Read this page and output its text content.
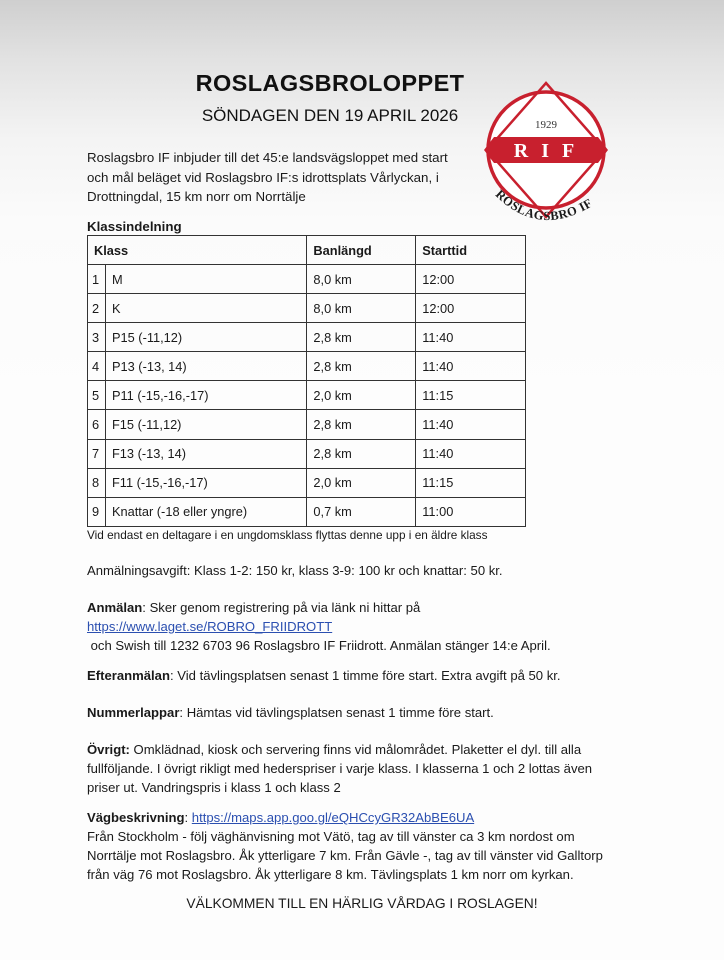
ROSLAGSBROLOPPET
SÖNDAGEN DEN 19 APRIL 2026
Roslagsbro IF inbjuder till det 45:e landsvägsloppet med start
och mål beläget vid Roslagsbro IF:s idrottsplats Vårlyckan, i
Drottningdal, 15 km norr om Norrtälje
1929
R I F
ROSLAGSBRO IF
Klassindelning
Klass		Banlängd	Starttid
1	M	8,0 km	12:00
2	K	8,0 km	12:00
3	P15 (-11,12)	2,8 km	11:40
4	P13 (-13, 14)	2,8 km	11:40
5	P11 (-15,-16,-17)	2,0 km	11:15
6	F15 (-11,12)	2,8 km	11:40
7	F13 (-13, 14)	2,8 km	11:40
8	F11 (-15,-16,-17)	2,0 km	11:15
9	Knattar (-18 eller yngre)	0,7 km	11:00
Vid endast en deltagare i en ungdomsklass flyttas denne upp i en äldre klass
Anmälningsavgift: Klass 1-2: 150 kr, klass 3-9: 100 kr och knattar: 50 kr.
Anmälan: Sker genom registrering på via länk ni hittar på
https://www.laget.se/ROBRO_FRIIDROTT
och Swish till 1232 6703 96 Roslagsbro IF Friidrott. Anmälan stänger 14:e April.
Efteranmälan: Vid tävlingsplatsen senast 1 timme före start. Extra avgift på 50 kr.
Nummerlappar: Hämtas vid tävlingsplatsen senast 1 timme före start.
Övrigt: Omklädnad, kiosk och servering finns vid målområdet. Plaketter el dyl. till alla
fullföljande. I övrigt rikligt med hederspriser i varje klass. I klasserna 1 och 2 lottas även
priser ut. Vandringspris i klass 1 och klass 2
Vägbeskrivning: https://maps.app.goo.gl/eQHCcyGR32AbBE6UA
Från Stockholm - följ väghänvisning mot Vätö, tag av till vänster ca 3 km nordost om
Norrtälje mot Roslagsbro. Åk ytterligare 7 km. Från Gävle -, tag av till vänster vid Galltorp
från väg 76 mot Roslagsbro. Åk ytterligare 8 km. Tävlingsplats 1 km norr om kyrkan.
VÄLKOMMEN TILL EN HÄRLIG VÅRDAG I ROSLAGEN!
